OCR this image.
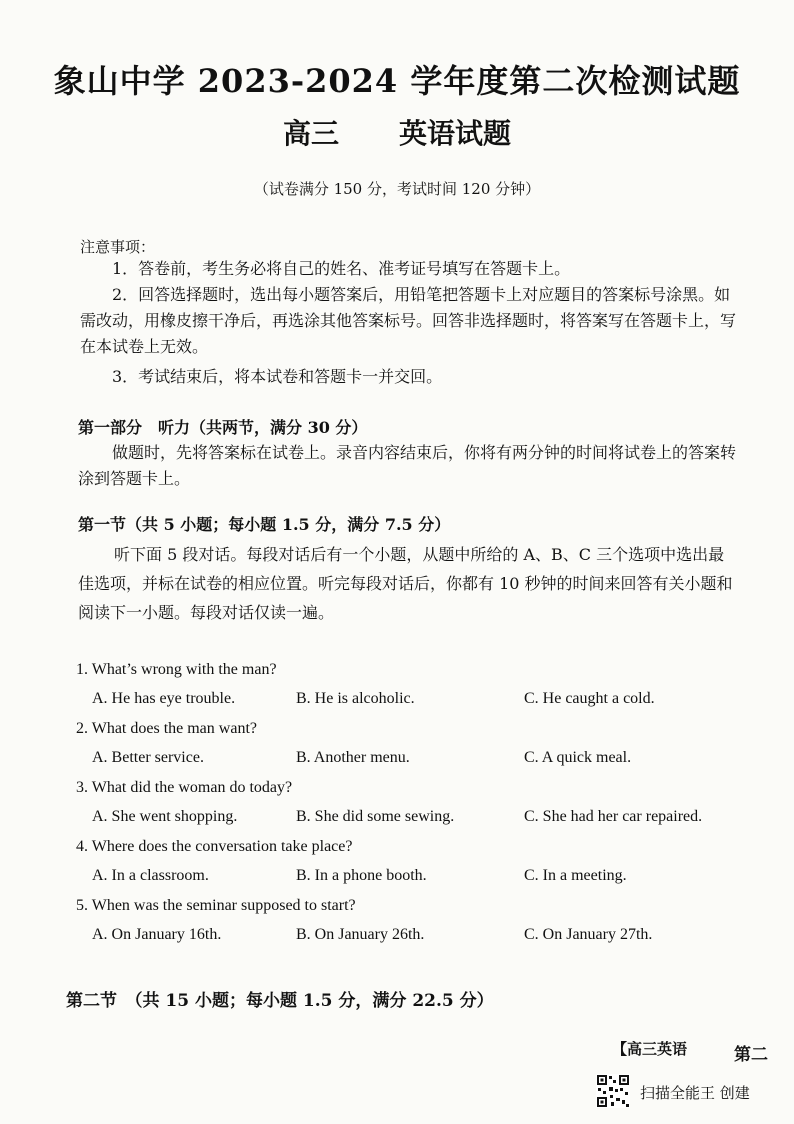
象山中学 2023-2024 学年度第二次检测试题
高三 英语试题
（试卷满分 150 分，考试时间 120 分钟）
注意事项：
1．答卷前，考生务必将自己的姓名、准考证号填写在答题卡上。
2．回答选择题时，选出每小题答案后，用铅笔把答题卡上对应题目的答案标号涂黑。如需改动，用橡皮擦干净后，再选涂其他答案标号。回答非选择题时，将答案写在答题卡上，写在本试卷上无效。
3．考试结束后，将本试卷和答题卡一并交回。
第一部分　听力（共两节，满分 30 分）
做题时，先将答案标在试卷上。录音内容结束后，你将有两分钟的时间将试卷上的答案转涂到答题卡上。
第一节（共 5 小题；每小题 1.5 分，满分 7.5 分）
听下面 5 段对话。每段对话后有一个小题，从题中所给的 A、B、C 三个选项中选出最佳选项，并标在试卷的相应位置。听完每段对话后，你都有 10 秒钟的时间来回答有关小题和阅读下一小题。每段对话仅读一遍。
1. What’s wrong with the man?
A. He has eye trouble.	B. He is alcoholic.	C. He caught a cold.
2. What does the man want?
A. Better service.	B. Another menu.	C. A quick meal.
3. What did the woman do today?
A. She went shopping.	B. She did some sewing.	C. She had her car repaired.
4. Where does the conversation take place?
A. In a classroom.	B. In a phone booth.	C. In a meeting.
5. When was the seminar supposed to start?
A. On January 16th.	B. On January 26th.	C. On January 27th.
第二节　（共 15 小题；每小题 1.5 分，满分 22.5 分）
【高三英语	第二
扫描全能王 创建
